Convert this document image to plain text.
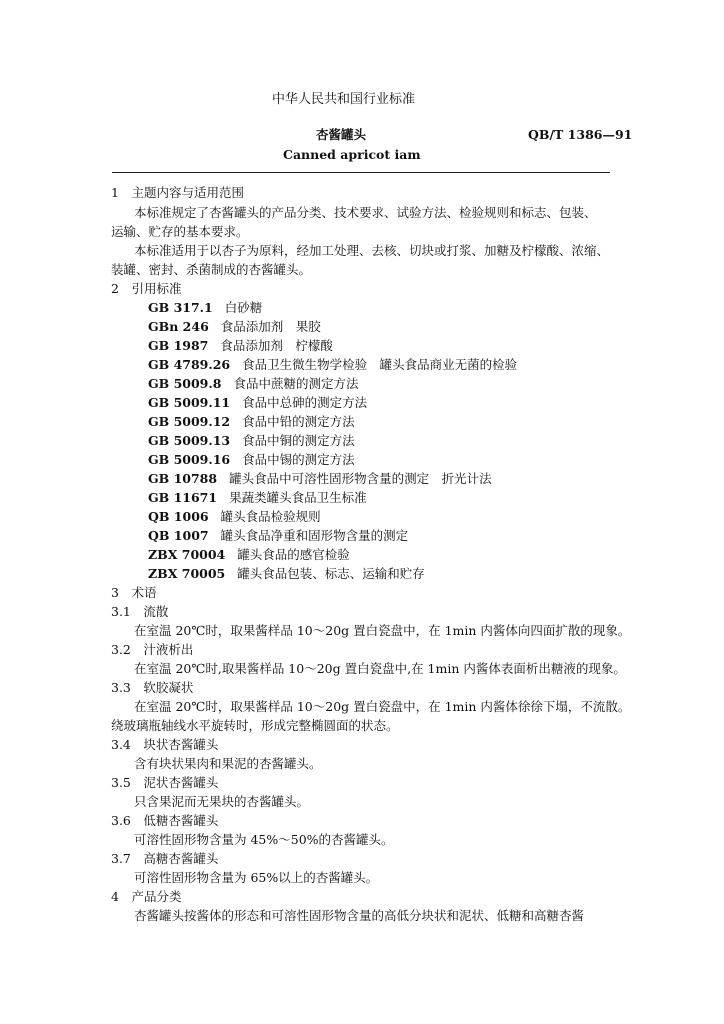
中华人民共和国行业标准
杏酱罐头	QB/T 1386—91
Canned apricot iam
1　主题内容与适用范围
本标准规定了杏酱罐头的产品分类、技术要求、试验方法、检验规则和标志、包装、
运输、贮存的基本要求。
本标准适用于以杏子为原料，经加工处理、去核、切块或打浆、加糖及柠檬酸、浓缩、
装罐、密封、杀菌制成的杏酱罐头。
2　引用标准
GB 317.1 白砂糖
GBn 246 食品添加剂　果胶
GB 1987 食品添加剂　柠檬酸
GB 4789.26 食品卫生微生物学检验　罐头食品商业无菌的检验
GB 5009.8 食品中蔗糖的测定方法
GB 5009.11 食品中总砷的测定方法
GB 5009.12 食品中铅的测定方法
GB 5009.13 食品中铜的测定方法
GB 5009.16 食品中锡的测定方法
GB 10788 罐头食品中可溶性固形物含量的测定　折光计法
GB 11671 果蔬类罐头食品卫生标准
QB 1006 罐头食品检验规则
QB 1007 罐头食品净重和固形物含量的测定
ZBX 70004 罐头食品的感官检验
ZBX 70005 罐头食品包装、标志、运输和贮存
3　术语
3.1　流散
在室温 20℃时，取果酱样品 10～20g 置白瓷盘中，在 1min 内酱体向四面扩散的现象。
3.2　汁液析出
在室温 20℃时,取果酱样品 10～20g 置白瓷盘中,在 1min 内酱体表面析出糖液的现象。
3.3　软胶凝状
在室温 20℃时，取果酱样品 10～20g 置白瓷盘中，在 1min 内酱体徐徐下塌，不流散。
绕玻璃瓶轴线水平旋转时，形成完整椭圆面的状态。
3.4　块状杏酱罐头
含有块状果肉和果泥的杏酱罐头。
3.5　泥状杏酱罐头
只含果泥而无果块的杏酱罐头。
3.6　低糖杏酱罐头
可溶性固形物含量为 45%～50%的杏酱罐头。
3.7　高糖杏酱罐头
可溶性固形物含量为 65%以上的杏酱罐头。
4　产品分类
杏酱罐头按酱体的形态和可溶性固形物含量的高低分块状和泥状、低糖和高糖杏酱
